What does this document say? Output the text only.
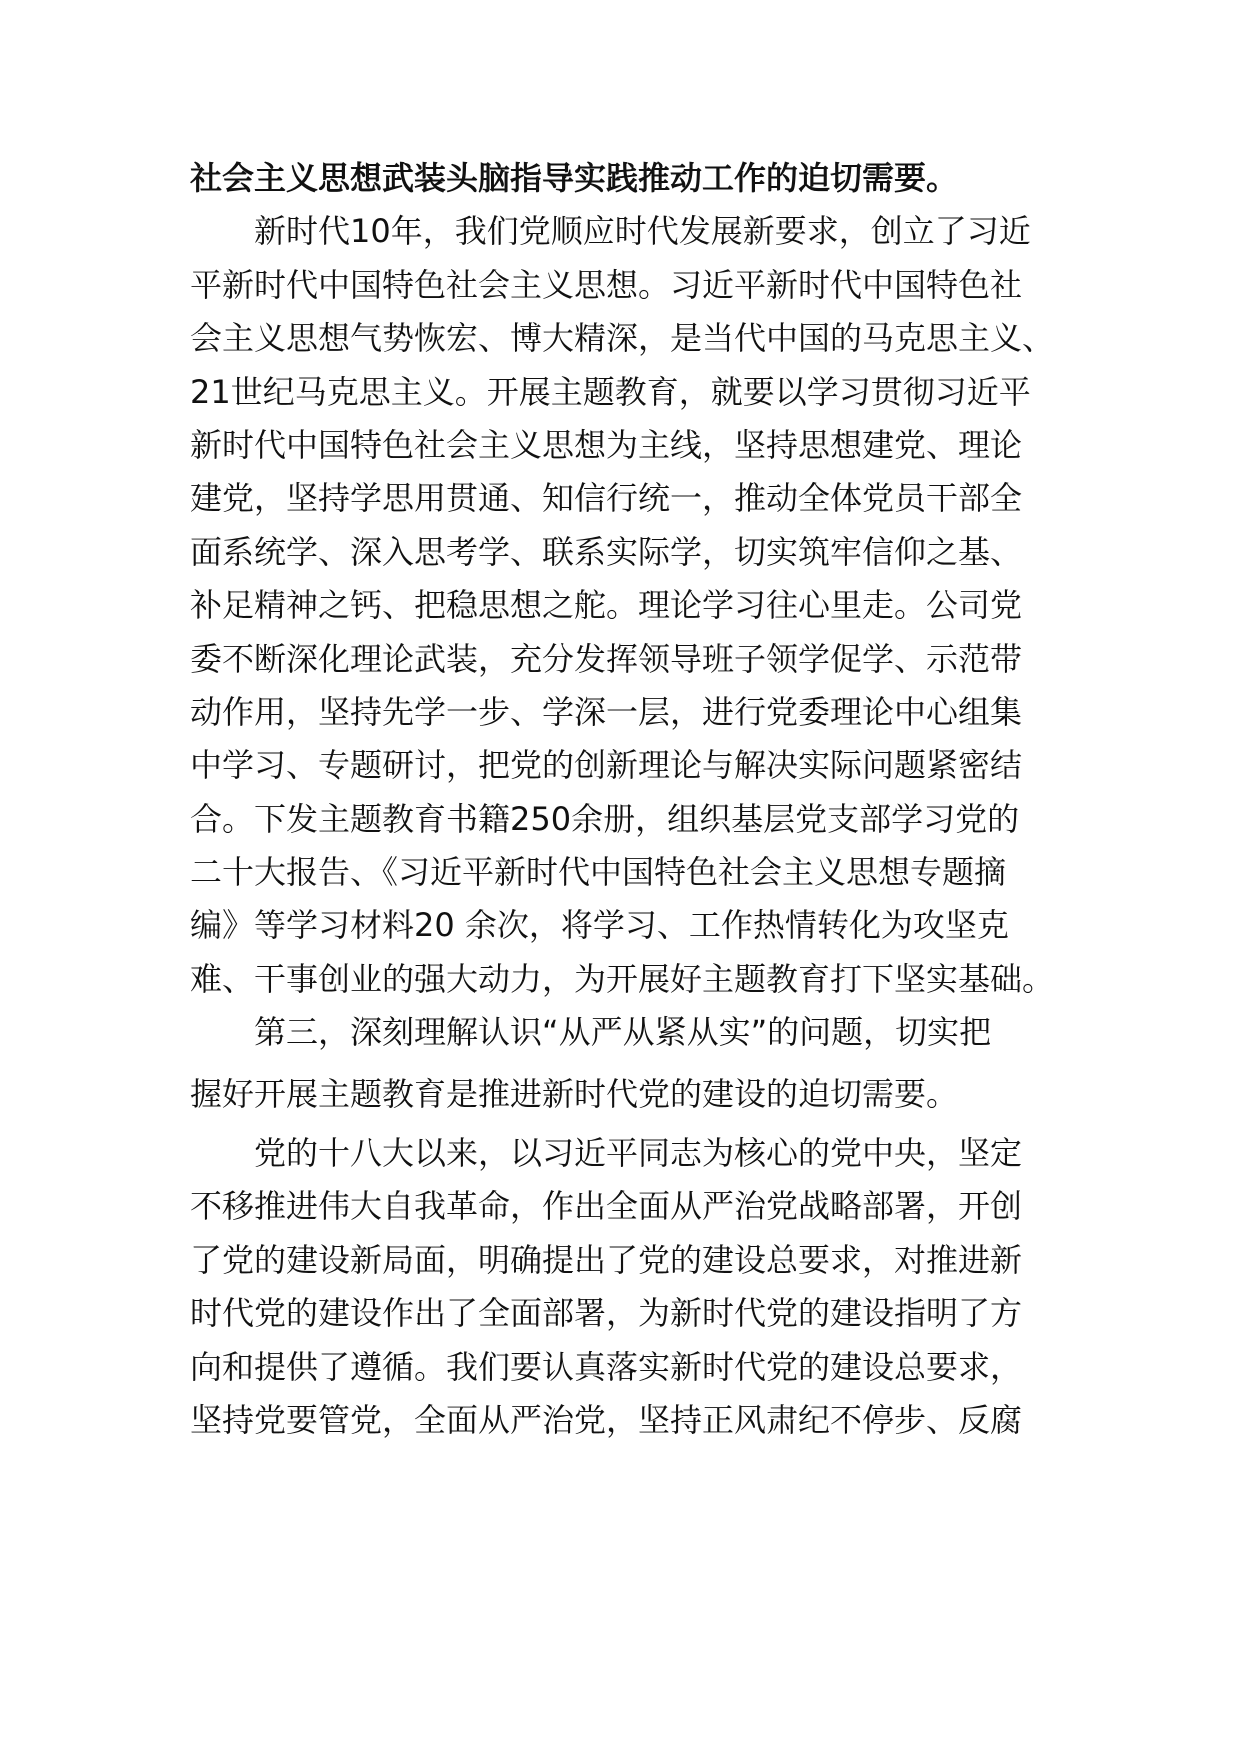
社会主义思想武装头脑指导实践推动工作的迫切需要。
新时代10年，我们党顺应时代发展新要求，创立了习近
平新时代中国特色社会主义思想。习近平新时代中国特色社
会主义思想气势恢宏、博大精深，是当代中国的马克思主义、
21世纪马克思主义。开展主题教育，就要以学习贯彻习近平
新时代中国特色社会主义思想为主线，坚持思想建党、理论
建党，坚持学思用贯通、知信行统一，推动全体党员干部全
面系统学、深入思考学、联系实际学，切实筑牢信仰之基、
补足精神之钙、把稳思想之舵。理论学习往心里走。公司党
委不断深化理论武装，充分发挥领导班子领学促学、示范带
动作用，坚持先学一步、学深一层，进行党委理论中心组集
中学习、专题研讨，把党的创新理论与解决实际问题紧密结
合。下发主题教育书籍250余册，组织基层党支部学习党的
二十大报告、《习近平新时代中国特色社会主义思想专题摘
编》等学习材料20 余次，将学习、工作热情转化为攻坚克
难、干事创业的强大动力，为开展好主题教育打下坚实基础。
第三，深刻理解认识“从严从紧从实”的问题，切实把
握好开展主题教育是推进新时代党的建设的迫切需要。
党的十八大以来，以习近平同志为核心的党中央，坚定
不移推进伟大自我革命，作出全面从严治党战略部署，开创
了党的建设新局面，明确提出了党的建设总要求，对推进新
时代党的建设作出了全面部署，为新时代党的建设指明了方
向和提供了遵循。我们要认真落实新时代党的建设总要求，
坚持党要管党，全面从严治党，坚持正风肃纪不停步、反腐
